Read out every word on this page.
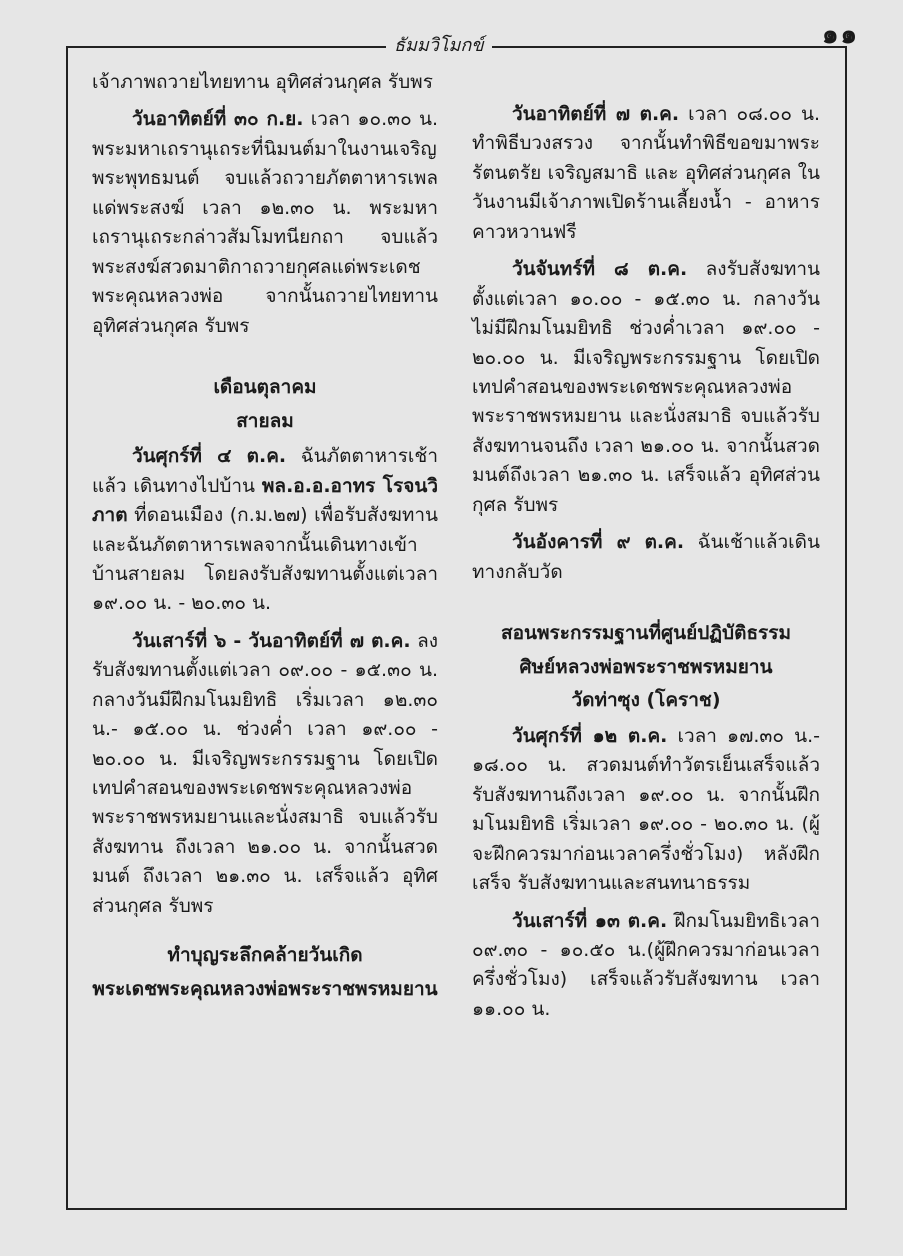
๑๑
ธัมมวิโมกข์

เจ้าภาพถวายไทยทาน อุทิศส่วนกุศล รับพร

วันอาทิตย์ที่ ๓๐ ก.ย. เวลา ๑๐.๓๐ น. พระมหาเถรานุเถระที่นิมนต์มาในงานเจริญพระพุทธมนต์ จบแล้วถวายภัตตาหารเพลแด่พระสงฆ์ เวลา ๑๒.๓๐ น. พระมหาเถรานุเถระกล่าวสัมโมทนียกถา จบแล้วพระสงฆ์สวดมาติกาถวายกุศลแด่พระเดชพระคุณหลวงพ่อ จากนั้นถวายไทยทาน อุทิศส่วนกุศล รับพร

เดือนตุลาคม

สายลม

วันศุกร์ที่ ๔ ต.ค. ฉันภัตตาหารเช้าแล้ว เดินทางไปบ้าน พล.อ.อ.อาทร โรจนวิภาต ที่ดอนเมือง (ก.ม.๒๗) เพื่อรับสังฆทาน และฉันภัตตาหารเพลจากนั้นเดินทางเข้าบ้านสายลม โดยลงรับสังฆทานตั้งแต่เวลา ๑๙.๐๐ น. - ๒๐.๓๐ น.

วันเสาร์ที่ ๖ - วันอาทิตย์ที่ ๗ ต.ค. ลงรับสังฆทานตั้งแต่เวลา ๐๙.๐๐ - ๑๕.๓๐ น. กลางวันมีฝึกมโนมยิทธิ เริ่มเวลา ๑๒.๓๐ น.- ๑๕.๐๐ น. ช่วงค่ำ เวลา ๑๙.๐๐ - ๒๐.๐๐ น. มีเจริญพระกรรมฐาน โดยเปิดเทปคำสอนของพระเดชพระคุณหลวงพ่อพระราชพรหมยานและนั่งสมาธิ จบแล้วรับสังฆทาน ถึงเวลา ๒๑.๐๐ น. จากนั้นสวดมนต์ ถึงเวลา ๒๑.๓๐ น. เสร็จแล้ว อุทิศส่วนกุศล รับพร

ทำบุญระลึกคล้ายวันเกิด

พระเดชพระคุณหลวงพ่อพระราชพรหมยาน

วันอาทิตย์ที่ ๗ ต.ค. เวลา ๐๘.๐๐ น. ทำพิธีบวงสรวง จากนั้นทำพิธีขอขมาพระรัตนตรัย เจริญสมาธิ และ อุทิศส่วนกุศล ในวันงานมีเจ้าภาพเปิดร้านเลี้ยงน้ำ - อาหารคาวหวานฟรี

วันจันทร์ที่ ๘ ต.ค. ลงรับสังฆทานตั้งแต่เวลา ๑๐.๐๐ - ๑๕.๓๐ น. กลางวันไม่มีฝึกมโนมยิทธิ ช่วงค่ำเวลา ๑๙.๐๐ - ๒๐.๐๐ น. มีเจริญพระกรรมฐาน โดยเปิดเทปคำสอนของพระเดชพระคุณหลวงพ่อพระราชพรหมยาน และนั่งสมาธิ จบแล้วรับสังฆทานจนถึง เวลา ๒๑.๐๐ น. จากนั้นสวดมนต์ถึงเวลา ๒๑.๓๐ น. เสร็จแล้ว อุทิศส่วนกุศล รับพร

วันอังคารที่ ๙ ต.ค. ฉันเช้าแล้วเดินทางกลับวัด

สอนพระกรรมฐานที่ศูนย์ปฏิบัติธรรม

ศิษย์หลวงพ่อพระราชพรหมยาน

วัดท่าซุง (โคราช)

วันศุกร์ที่ ๑๒ ต.ค. เวลา ๑๗.๓๐ น.- ๑๘.๐๐ น. สวดมนต์ทำวัตรเย็นเสร็จแล้ว รับสังฆทานถึงเวลา ๑๙.๐๐ น. จากนั้นฝึกมโนมยิทธิ เริ่มเวลา ๑๙.๐๐ - ๒๐.๓๐ น. (ผู้จะฝึกควรมาก่อนเวลาครึ่งชั่วโมง) หลังฝึกเสร็จ รับสังฆทานและสนทนาธรรม

วันเสาร์ที่ ๑๓ ต.ค. ฝึกมโนมยิทธิเวลา ๐๙.๓๐ - ๑๐.๕๐ น.(ผู้ฝึกควรมาก่อนเวลาครึ่งชั่วโมง) เสร็จแล้วรับสังฆทาน เวลา ๑๑.๐๐ น.
